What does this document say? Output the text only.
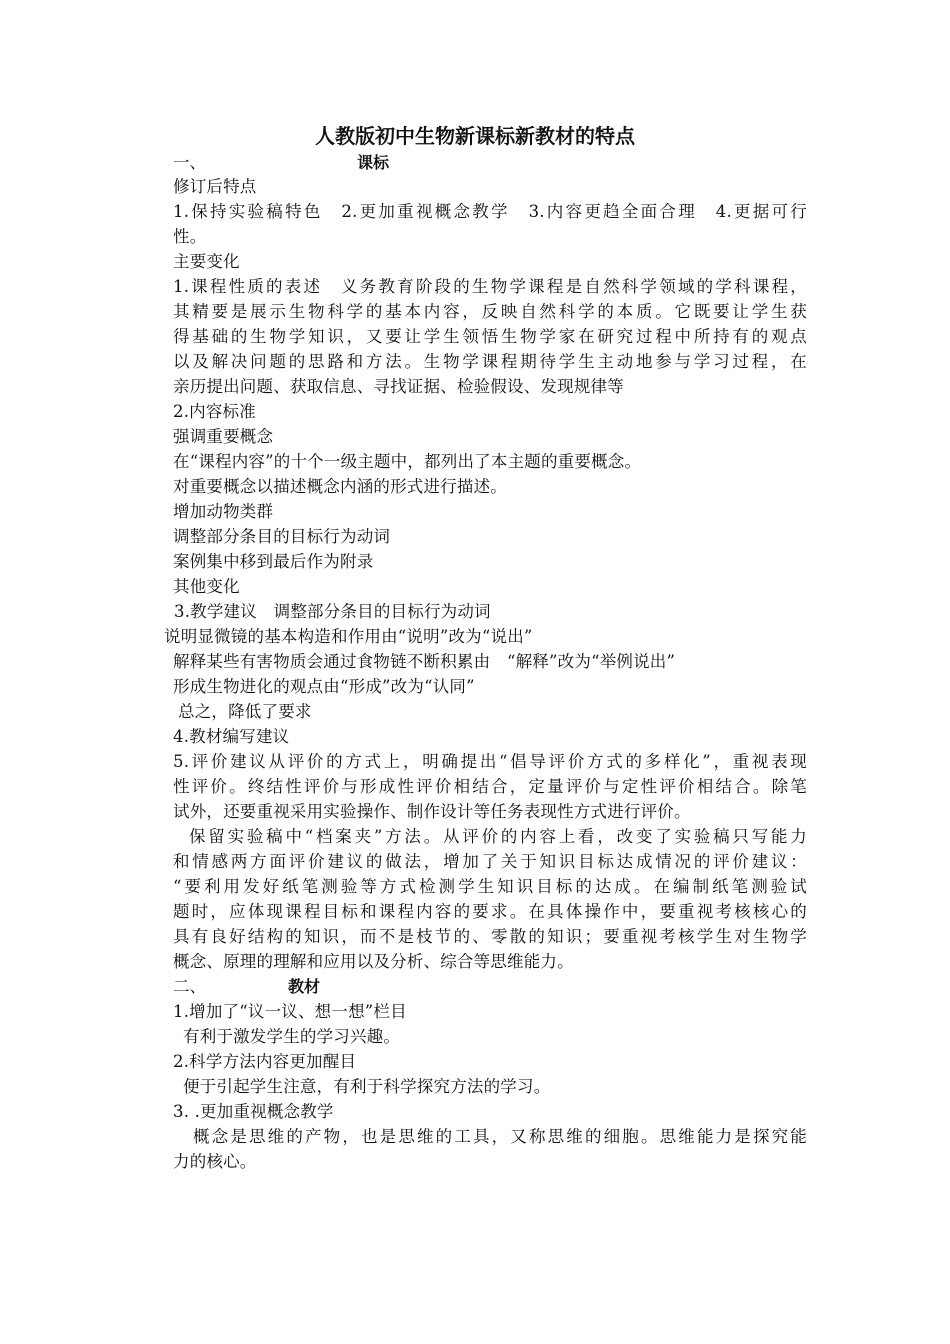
人教版初中生物新课标新教材的特点
一、	课标
修订后特点
1.保持实验稿特色　2.更加重视概念教学　3.内容更趋全面合理　4.更据可行
性。
主要变化
1.课程性质的表述　义务教育阶段的生物学课程是自然科学领域的学科课程，
其精要是展示生物科学的基本内容，反映自然科学的本质。它既要让学生获
得基础的生物学知识，又要让学生领悟生物学家在研究过程中所持有的观点
以及解决问题的思路和方法。生物学课程期待学生主动地参与学习过程，在
亲历提出问题、获取信息、寻找证据、检验假设、发现规律等
2.内容标准
强调重要概念
在“课程内容”的十个一级主题中，都列出了本主题的重要概念。
对重要概念以描述概念内涵的形式进行描述。
增加动物类群
调整部分条目的目标行为动词
案例集中移到最后作为附录
其他变化
3.教学建议　调整部分条目的目标行为动词
说明显微镜的基本构造和作用由“说明”改为“说出”
解释某些有害物质会通过食物链不断积累由　“解释”改为“举例说出”
形成生物进化的观点由“形成”改为“认同”
总之，降低了要求
4.教材编写建议
5.评价建议从评价的方式上，明确提出“倡导评价方式的多样化”，重视表现
性评价。终结性评价与形成性评价相结合，定量评价与定性评价相结合。除笔
试外，还要重视采用实验操作、制作设计等任务表现性方式进行评价。
保留实验稿中“档案夹”方法。从评价的内容上看，改变了实验稿只写能力
和情感两方面评价建议的做法，增加了关于知识目标达成情况的评价建议：
“要利用发好纸笔测验等方式检测学生知识目标的达成。在编制纸笔测验试
题时，应体现课程目标和课程内容的要求。在具体操作中，要重视考核核心的
具有良好结构的知识，而不是枝节的、零散的知识；要重视考核学生对生物学
概念、原理的理解和应用以及分析、综合等思维能力。
二、	教材
1.增加了“议一议、想一想”栏目
有利于激发学生的学习兴趣。
2.科学方法内容更加醒目
便于引起学生注意，有利于科学探究方法的学习。
3. .更加重视概念教学
概念是思维的产物，也是思维的工具，又称思维的细胞。思维能力是探究能
力的核心。
